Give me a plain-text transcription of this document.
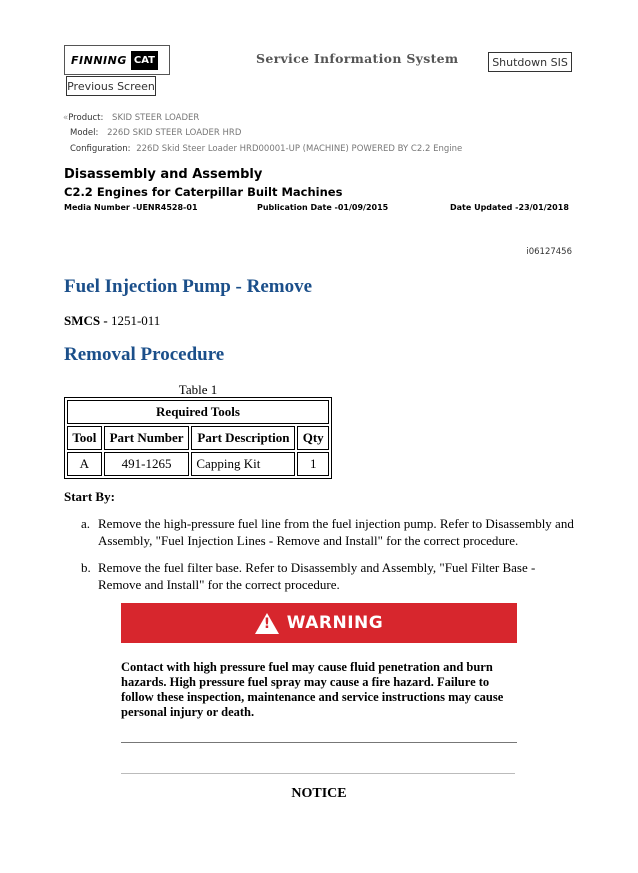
FINNING CAT	Service Information System	Shutdown SIS
Previous Screen
«Product: SKID STEER LOADER
Model: 226D SKID STEER LOADER HRD
Configuration: 226D Skid Steer Loader HRD00001-UP (MACHINE) POWERED BY C2.2 Engine
Disassembly and Assembly
C2.2 Engines for Caterpillar Built Machines
Media Number -UENR4528-01	Publication Date -01/09/2015	Date Updated -23/01/2018
i06127456
Fuel Injection Pump - Remove
SMCS - 1251-011
Removal Procedure
Table 1
Required Tools			
Tool	Part Number	Part Description	Qty
A	491-1265	Capping Kit	1
Start By:
a. Remove the high-pressure fuel line from the fuel injection pump. Refer to Disassembly and
Assembly, "Fuel Injection Lines - Remove and Install" for the correct procedure.
b. Remove the fuel filter base. Refer to Disassembly and Assembly, "Fuel Filter Base -
Remove and Install" for the correct procedure.
! WARNING
Contact with high pressure fuel may cause fluid penetration and burn
hazards. High pressure fuel spray may cause a fire hazard. Failure to
follow these inspection, maintenance and service instructions may cause
personal injury or death.
NOTICE
